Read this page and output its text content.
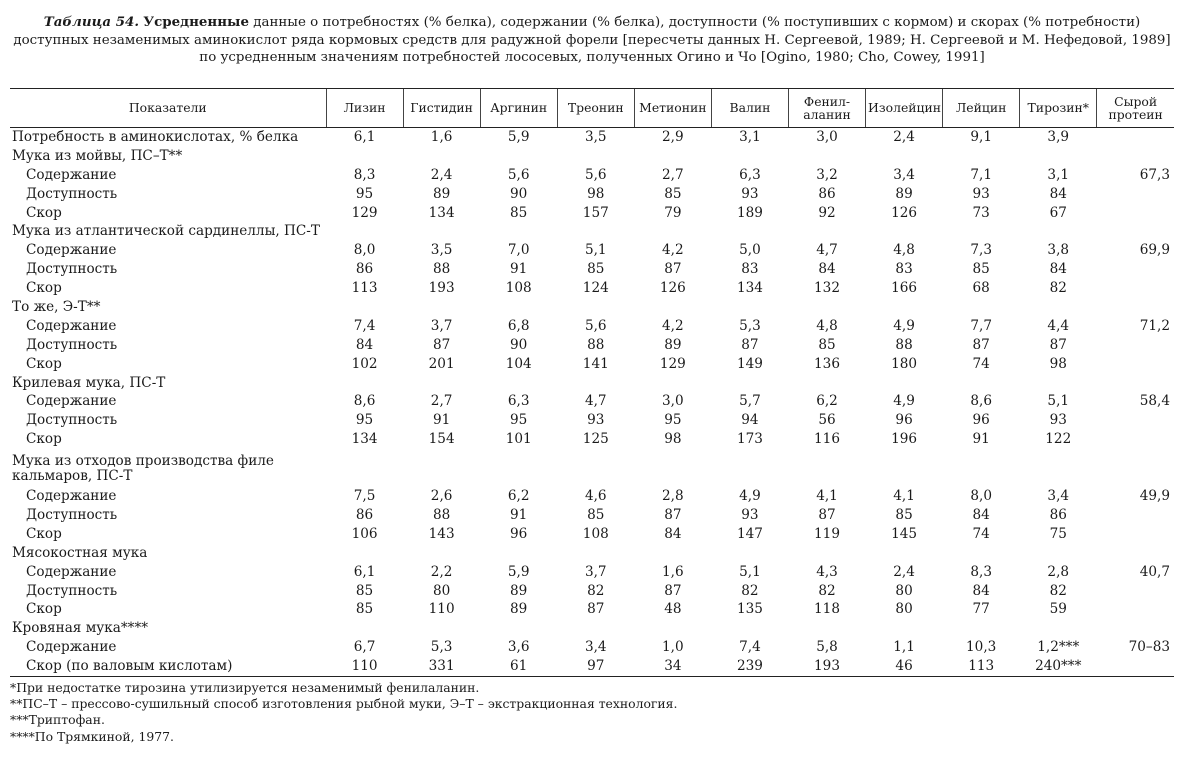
Таблица 54. Усредненные данные о потребностях (% белка), содержании (% белка), доступности (% поступивших с кормом) и скорах (% потребности) доступных незаменимых аминокислот ряда кормовых средств для радужной форели [пересчеты данных Н. Сергеевой, 1989; Н. Сергеевой и М. Нефедовой, 1989] по усредненным значениям потребностей лососевых, полученных Огино и Чо [Ogino, 1980; Cho, Cowey, 1991]
Показатели	Лизин	Гистидин	Аргинин	Треонин	Метионин	Валин	Фенил-аланин	Изолейцин	Лейцин	Тирозин*	Сырой протеин
Потребность в аминокислотах, % белка	6,1	1,6	5,9	3,5	2,9	3,1	3,0	2,4	9,1	3,9	
Мука из мойвы, ПС–Т**											
Содержание	8,3	2,4	5,6	5,6	2,7	6,3	3,2	3,4	7,1	3,1	67,3
Доступность	95	89	90	98	85	93	86	89	93	84	
Скор	129	134	85	157	79	189	92	126	73	67	
Мука из атлантической сардинеллы, ПС-Т											
Содержание	8,0	3,5	7,0	5,1	4,2	5,0	4,7	4,8	7,3	3,8	69,9
Доступность	86	88	91	85	87	83	84	83	85	84	
Скор	113	193	108	124	126	134	132	166	68	82	
То же, Э-Т**											
Содержание	7,4	3,7	6,8	5,6	4,2	5,3	4,8	4,9	7,7	4,4	71,2
Доступность	84	87	90	88	89	87	85	88	87	87	
Скор	102	201	104	141	129	149	136	180	74	98	
Крилевая мука, ПС-Т											
Содержание	8,6	2,7	6,3	4,7	3,0	5,7	6,2	4,9	8,6	5,1	58,4
Доступность	95	91	95	93	95	94	56	96	96	93	
Скор	134	154	101	125	98	173	116	196	91	122	
Мука из отходов производства филе кальмаров, ПС-Т											
Содержание	7,5	2,6	6,2	4,6	2,8	4,9	4,1	4,1	8,0	3,4	49,9
Доступность	86	88	91	85	87	93	87	85	84	86	
Скор	106	143	96	108	84	147	119	145	74	75	
Мясокостная мука											
Содержание	6,1	2,2	5,9	3,7	1,6	5,1	4,3	2,4	8,3	2,8	40,7
Доступность	85	80	89	82	87	82	82	80	84	82	
Скор	85	110	89	87	48	135	118	80	77	59	
Кровяная мука****											
Содержание	6,7	5,3	3,6	3,4	1,0	7,4	5,8	1,1	10,3	1,2***	70–83
Скор (по валовым кислотам)	110	331	61	97	34	239	193	46	113	240***	
*При недостатке тирозина утилизируется незаменимый фенилаланин.
**ПС–Т – прессово-сушильный способ изготовления рыбной муки, Э–Т – экстракционная технология.
***Триптофан.
****По Трямкиной, 1977.
